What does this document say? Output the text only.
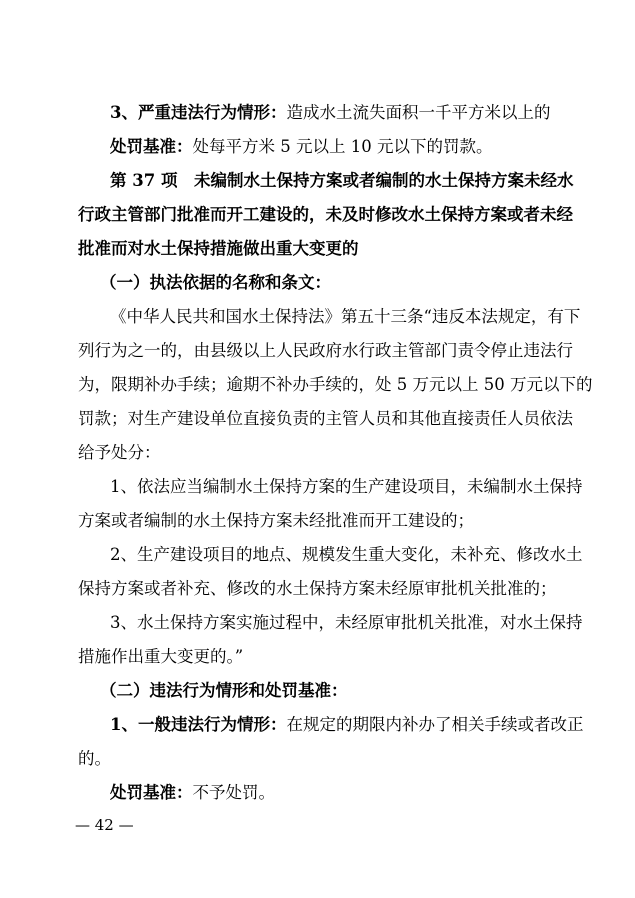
3、严重违法行为情形：造成水土流失面积一千平方米以上的
处罚基准：处每平方米 5 元以上 10 元以下的罚款。
第 37 项　未编制水土保持方案或者编制的水土保持方案未经水
行政主管部门批准而开工建设的，未及时修改水土保持方案或者未经
批准而对水土保持措施做出重大变更的
（一）执法依据的名称和条文：
《中华人民共和国水土保持法》第五十三条“违反本法规定，有下
列行为之一的，由县级以上人民政府水行政主管部门责令停止违法行
为，限期补办手续；逾期不补办手续的，处 5 万元以上 50 万元以下的
罚款；对生产建设单位直接负责的主管人员和其他直接责任人员依法
给予处分：
1、依法应当编制水土保持方案的生产建设项目，未编制水土保持
方案或者编制的水土保持方案未经批准而开工建设的；
2、生产建设项目的地点、规模发生重大变化，未补充、修改水土
保持方案或者补充、修改的水土保持方案未经原审批机关批准的；
3、水土保持方案实施过程中，未经原审批机关批准，对水土保持
措施作出重大变更的。”
（二）违法行为情形和处罚基准：
1、一般违法行为情形：在规定的期限内补办了相关手续或者改正
的。
处罚基准：不予处罚。
— 42 —
